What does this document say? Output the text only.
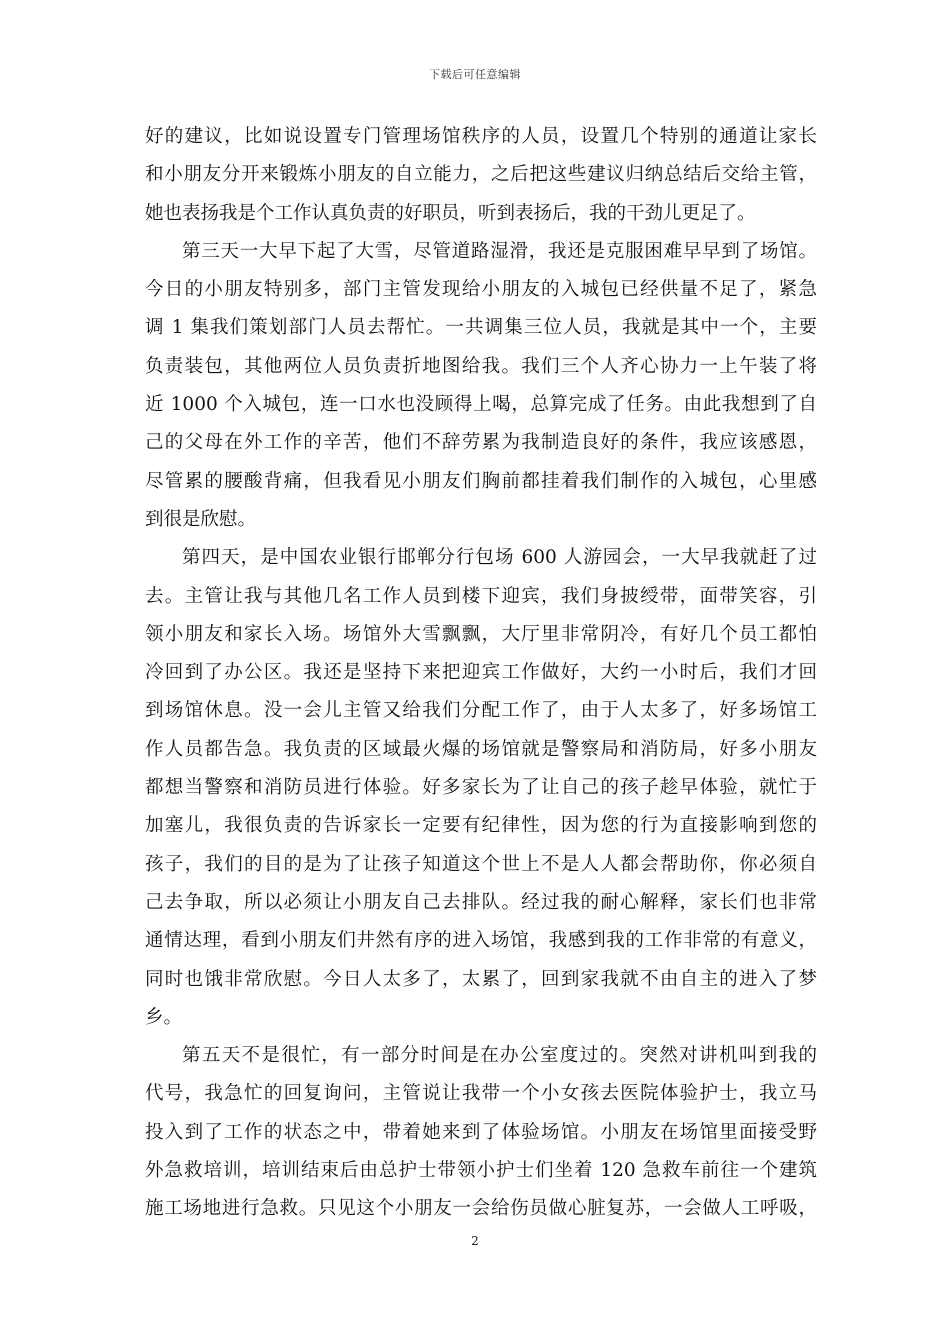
下载后可任意编辑
好的建议，比如说设置专门管理场馆秩序的人员，设置几个特别的通道让家长
和小朋友分开来锻炼小朋友的自立能力，之后把这些建议归纳总结后交给主管，
她也表扬我是个工作认真负责的好职员，听到表扬后，我的干劲儿更足了。
第三天一大早下起了大雪，尽管道路湿滑，我还是克服困难早早到了场馆。
今日的小朋友特别多，部门主管发现给小朋友的入城包已经供量不足了，紧急
调 1 集我们策划部门人员去帮忙。一共调集三位人员，我就是其中一个，主要
负责装包，其他两位人员负责折地图给我。我们三个人齐心协力一上午装了将
近 1000 个入城包，连一口水也没顾得上喝，总算完成了任务。由此我想到了自
己的父母在外工作的辛苦，他们不辞劳累为我制造良好的条件，我应该感恩，
尽管累的腰酸背痛，但我看见小朋友们胸前都挂着我们制作的入城包，心里感
到很是欣慰。
第四天，是中国农业银行邯郸分行包场 600 人游园会，一大早我就赶了过
去。主管让我与其他几名工作人员到楼下迎宾，我们身披绶带，面带笑容，引
领小朋友和家长入场。场馆外大雪飘飘，大厅里非常阴冷，有好几个员工都怕
冷回到了办公区。我还是坚持下来把迎宾工作做好，大约一小时后，我们才回
到场馆休息。没一会儿主管又给我们分配工作了，由于人太多了，好多场馆工
作人员都告急。我负责的区域最火爆的场馆就是警察局和消防局，好多小朋友
都想当警察和消防员进行体验。好多家长为了让自己的孩子趁早体验，就忙于
加塞儿，我很负责的告诉家长一定要有纪律性，因为您的行为直接影响到您的
孩子，我们的目的是为了让孩子知道这个世上不是人人都会帮助你，你必须自
己去争取，所以必须让小朋友自己去排队。经过我的耐心解释，家长们也非常
通情达理，看到小朋友们井然有序的进入场馆，我感到我的工作非常的有意义，
同时也饿非常欣慰。今日人太多了，太累了，回到家我就不由自主的进入了梦
乡。
第五天不是很忙，有一部分时间是在办公室度过的。突然对讲机叫到我的
代号，我急忙的回复询问，主管说让我带一个小女孩去医院体验护士，我立马
投入到了工作的状态之中，带着她来到了体验场馆。小朋友在场馆里面接受野
外急救培训，培训结束后由总护士带领小护士们坐着 120 急救车前往一个建筑
施工场地进行急救。只见这个小朋友一会给伤员做心脏复苏，一会做人工呼吸，
2
